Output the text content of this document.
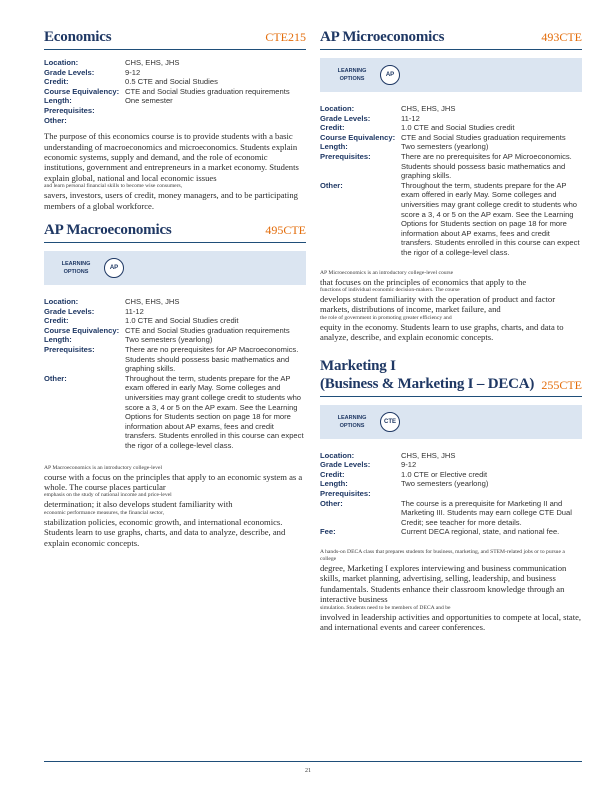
Economics	CTE215
Location:	CHS, EHS, JHS
Grade Levels:	9-12
Credit:	0.5 CTE and Social Studies
Course Equivalency: CTE and Social Studies graduation requirements
Length:	One semester
Prerequisites:
Other:
The purpose of this economics course is to provide students with a basic understanding of macroeconomics and microeconomics. Students explain economic systems, supply and demand, and the role of economic institutions, government and entrepreneurs in a market economy. Students explain global, national and local economic issues
and learn personal financial skills to become wise consumers,
savers, investors, users of credit, money managers, and to be participating members of a global workforce.
AP Macroeconomics	495CTE
LEARNING OPTIONS
AP
Location:	CHS, EHS, JHS
Grade Levels:	11-12
Credit:	1.0 CTE and Social Studies credit
Course Equivalency: CTE and Social Studies graduation requirements
Length:	Two semesters (yearlong)
Prerequisites:	There are no prerequisites for AP Macroeconomics. Students should possess basic mathematics and graphing skills.
Other:	Throughout the term, students prepare for the AP exam offered in early May. Some colleges and universities may grant college credit to students who score a 3, 4 or 5 on the AP exam. See the Learning Options for Students section on page 18 for more information about AP exams, fees and credit transfers. Students enrolled in this course can expect the rigor of a college-level class.
AP Macroeconomics is an introductory college-level
course with a focus on the principles that apply to an economic system as a whole. The course places particular
emphasis on the study of national income and price-level
determination; it also develops student familiarity with
economic performance measures, the financial sector,
stabilization policies, economic growth, and international economics. Students learn to use graphs, charts, and data to analyze, describe, and explain economic concepts.
AP Microeconomics	493CTE
LEARNING OPTIONS
AP
Location:	CHS, EHS, JHS
Grade Levels:	11-12
Credit:	1.0 CTE and Social Studies credit
Course Equivalency: CTE and Social Studies graduation requirements
Length:	Two semesters (yearlong)
Prerequisites:	There are no prerequisites for AP Microeconomics. Students should possess basic mathematics and graphing skills.
Other:	Throughout the term, students prepare for the AP exam offered in early May. Some colleges and universities may grant college credit to students who score a 3, 4 or 5 on the AP exam. See the Learning Options for Students section on page 18 for more information about AP exams, fees and credit transfers. Students enrolled in this course can expect the rigor of a college-level class.
AP Microeconomics is an introductory college-level course
that focuses on the principles of economics that apply to the
functions of individual economic decision-makers. The course
develops student familiarity with the operation of product and factor markets, distributions of income, market failure, and
the role of government in promoting greater efficiency and
equity in the economy. Students learn to use graphs, charts, and data to analyze, describe, and explain economic concepts.
Marketing I
(Business & Marketing I – DECA) 255CTE
LEARNING OPTIONS
CTE
Location:	CHS, EHS, JHS
Grade Levels:	9-12
Credit:	1.0 CTE or Elective credit
Length:	Two semesters (yearlong)
Prerequisites:
Other:	The course is a prerequisite for Marketing II and Marketing III. Students may earn college CTE Dual Credit; see teacher for more details.
Fee:	Current DECA regional, state, and national fee.
A hands-on DECA class that prepares students for business, marketing, and STEM-related jobs or to pursue a college
degree, Marketing I explores interviewing and business communication skills, market planning, advertising, selling, leadership, and business fundamentals. Students enhance their classroom knowledge through an interactive business
simulation. Students need to be members of DECA and be
involved in leadership activities and opportunities to compete at local, state, and international events and career conferences.
21
